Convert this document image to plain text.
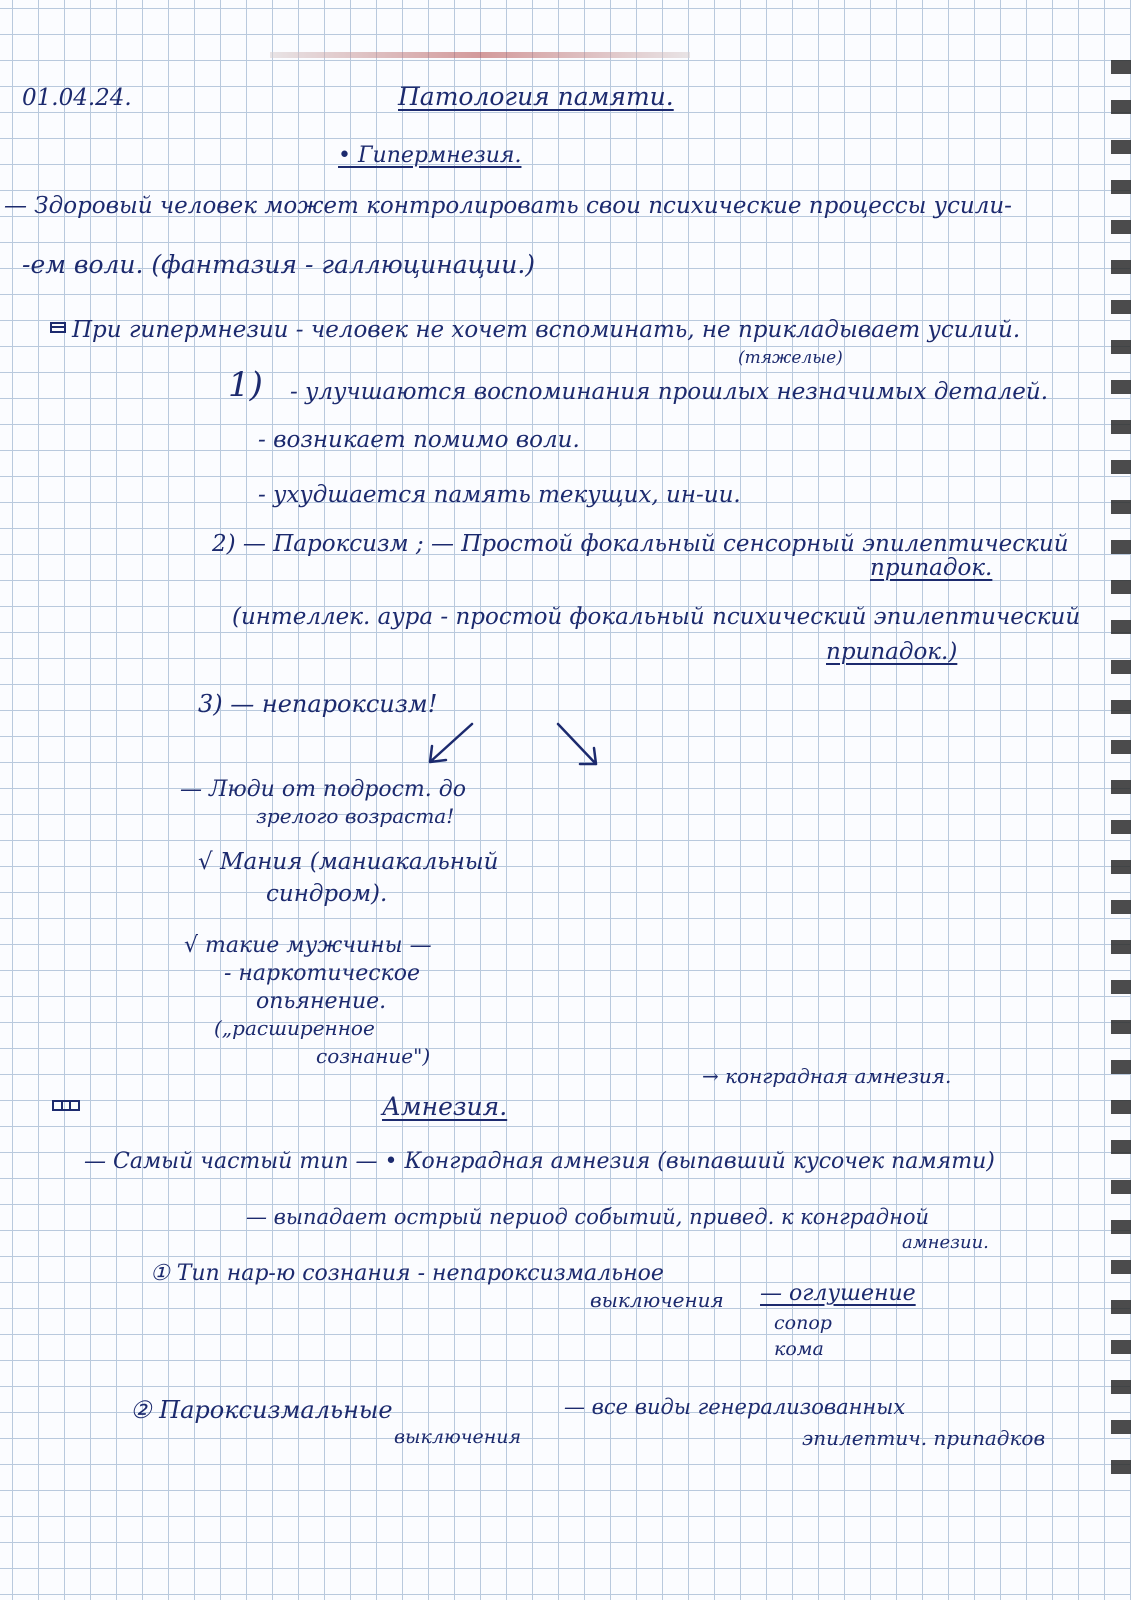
01.04.24.	Патология памяти.
• Гипермнезия.
— Здоровый человек может контролировать свои психические процессы усили-
-ем воли. (фантазия - галлюцинации.)
При гипермнезии - человек не хочет вспоминать, не прикладывает усилий.
(тяжелые)
1) - улучшаются воспоминания прошлых незначимых деталей.
- возникает помимо воли.
- ухудшается память текущих, ин-ии.
2) — Пароксизм ; — Простой фокальный сенсорный эпилептический
припадок.
(интеллек. аура - простой фокальный психический эпилептический
припадок.)
3) — непароксизм!
— Люди от подрост. до
зрелого возраста!
√ Мания (маниакальный
синдром).
√ такие мужчины —
- наркотическое
опьянение.
(„расширенное
сознание")
→ конградная амнезия.
Амнезия.
— Самый частый тип — • Конградная амнезия (выпавший кусочек памяти)
— выпадает острый период событий, привед. к конградной
амнезии.
① Тип нар-ю сознания - непароксизмальное
выключения — оглушение
сопор
кома
② Пароксизмальные
выключения
— все виды генерализованных
эпилептич. припадков
